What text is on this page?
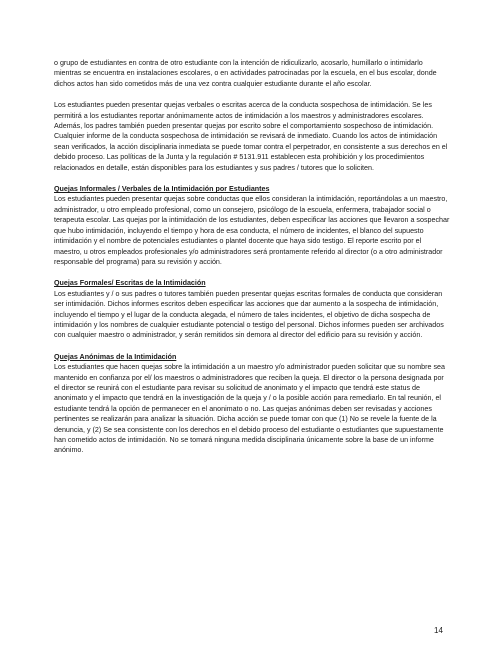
o grupo de estudiantes en contra de otro estudiante con la intención de ridiculizarlo, acosarlo, humillarlo o intimidarlo mientras se encuentra en instalaciones escolares, o en actividades patrocinadas por la escuela, en el bus escolar, donde dichos actos han sido cometidos más de una vez contra cualquier estudiante durante el año escolar.

Los estudiantes pueden presentar quejas verbales o escritas acerca de la conducta sospechosa de intimidación. Se les permitirá a los estudiantes reportar anónimamente actos de intimidación a los maestros y administradores escolares. Además, los padres también pueden presentar quejas por escrito sobre el comportamiento sospechoso de intimidación. Cualquier informe de la conducta sospechosa de intimidación se revisará de inmediato. Cuando los actos de intimidación sean verificados, la acción disciplinaria inmediata se puede tomar contra el perpetrador, en consistente a sus derechos en el debido proceso. Las políticas de la Junta y la regulación # 5131.911 establecen esta prohibición y los procedimientos relacionados en detalle, están disponibles para los estudiantes y sus padres / tutores que lo soliciten.

Quejas Informales / Verbales de la Intimidación por Estudiantes

Los estudiantes pueden presentar quejas sobre conductas que ellos consideran la intimidación, reportándolas a un maestro, administrador, u otro empleado profesional, como un consejero, psicólogo de la escuela, enfermera, trabajador social o terapeuta escolar. Las quejas por la intimidación de los estudiantes, deben especificar las acciones que llevaron a sospechar que hubo intimidación, incluyendo el tiempo y hora de esa conducta, el número de incidentes, el blanco del supuesto intimidación y el nombre de potenciales estudiantes o plantel docente que haya sido testigo. El reporte escrito por el maestro, u otros empleados profesionales y/o administradores será prontamente referido al director (o a otro administrador responsable del programa) para su revisión y acción.

Quejas Formales/ Escritas de la Intimidación

Los estudiantes y / o sus padres o tutores también pueden presentar quejas escritas formales de conducta que consideran ser intimidación. Dichos informes escritos deben especificar las acciones que dar aumento a la sospecha de intimidación, incluyendo el tiempo y el lugar de la conducta alegada, el número de tales incidentes, el objetivo de dicha sospecha de intimidación y los nombres de cualquier estudiante potencial o testigo del personal. Dichos informes pueden ser archivados con cualquier maestro o administrador, y serán remitidos sin demora al director del edificio para su revisión y acción.

Quejas Anónimas de la Intimidación

Los estudiantes que hacen quejas sobre la intimidación a un maestro y/o administrador pueden solicitar que su nombre sea mantenido en confianza por el/ los maestros o administradores que reciben la queja. El director o la persona designada por el director se reunirá con el estudiante para revisar su solicitud de anonimato y el impacto que tendrá este status de anonimato y el impacto que tendrá en la investigación de la queja y / o la posible acción para remediarlo. En tal reunión, el estudiante tendrá la opción de permanecer en el anonimato o no. Las quejas anónimas deben ser revisadas y acciones pertinentes se realizarán para analizar la situación. Dicha acción se puede tomar con que (1) No se revele la fuente de la denuncia, y (2) Se sea consistente con los derechos en el debido proceso del estudiante o estudiantes que supuestamente han cometido actos de intimidación. No se tomará ninguna medida disciplinaria únicamente sobre la base de un informe anónimo.

14
